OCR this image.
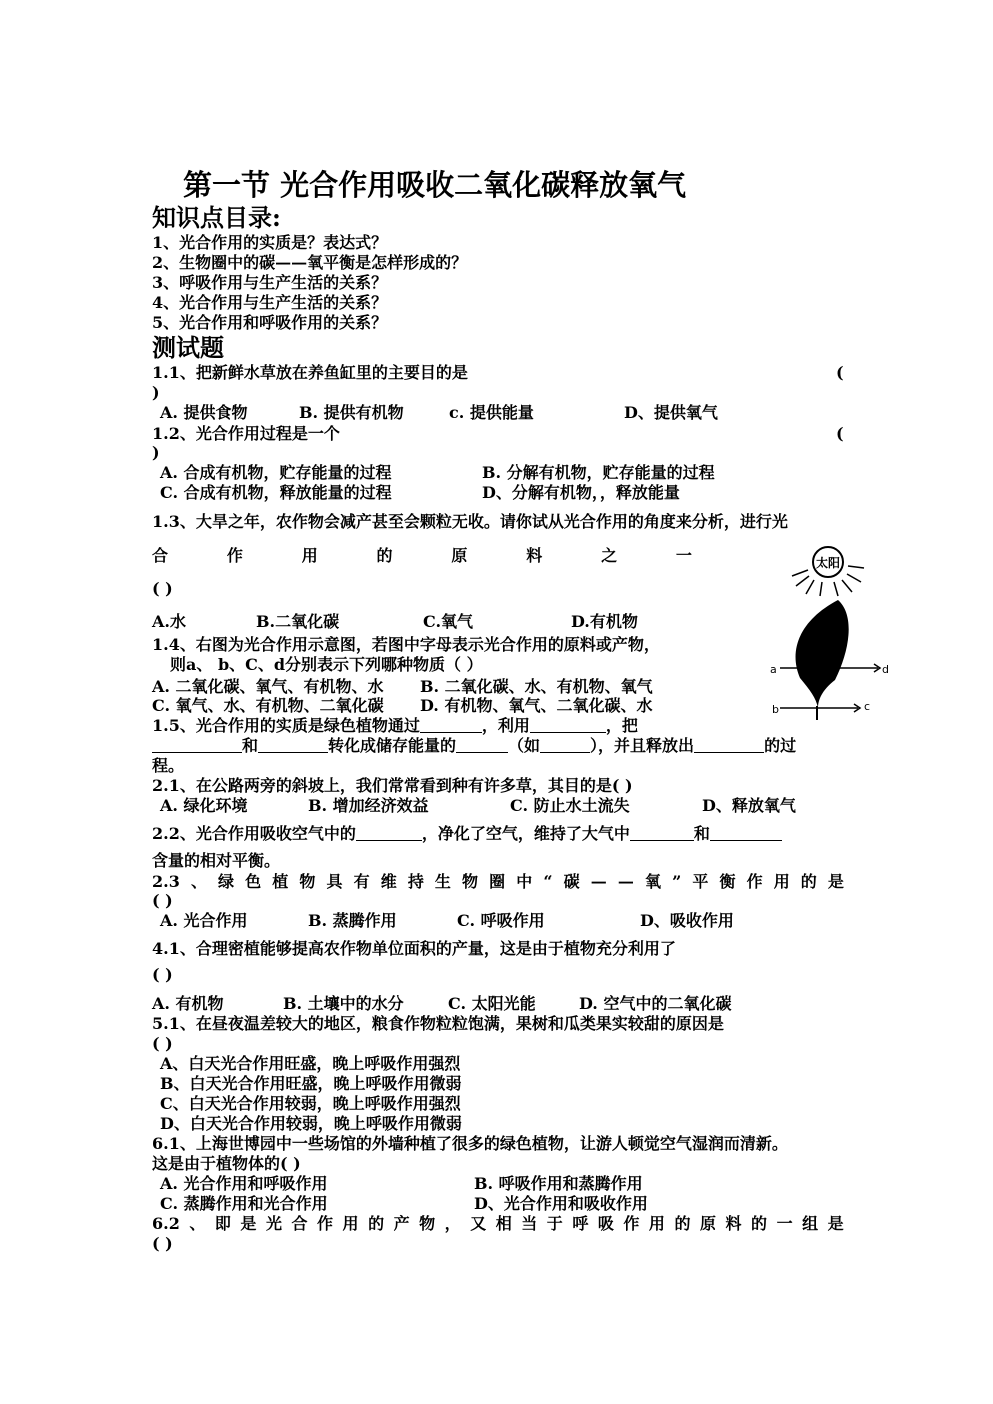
第一节 光合作用吸收二氧化碳释放氧气
知识点目录:
1、光合作用的实质是？表达式？
2、生物圈中的碳——氧平衡是怎样形成的？
3、呼吸作用与生产生活的关系？
4、光合作用与生产生活的关系？
5、光合作用和呼吸作用的关系？
测试题
1.1、把新鲜水草放在养鱼缸里的主要目的是	(
)
A. 提供食物	B. 提供有机物	c. 提供能量	D、提供氧气
1.2、光合作用过程是一个	(
)
A. 合成有机物，贮存能量的过程	B. 分解有机物，贮存能量的过程
C. 合成有机物，释放能量的过程	D、分解有机物，，释放能量
1.3、大旱之年，农作物会减产甚至会颗粒无收。请你试从光合作用的角度来分析，进行光
合	作	用	的	原	料	之	一
( )
A.水	B.二氧化碳	C.氧气	D.有机物
1.4、右图为光合作用示意图，若图中字母表示光合作用的原料或产物，
则a、 b、C、d分别表示下列哪种物质（ ）
A. 二氧化碳、氧气、有机物、水 B. 二氧化碳、水、有机物、氧气
C. 氧气、水、有机物、二氧化碳 D. 有机物、氧气、二氧化碳、水
1.5、光合作用的实质是绿色植物通过	，利用	，把
和	转化成储存能量的	（如	），并且释放出	的过
程。
2.1、在公路两旁的斜坡上，我们常常看到种有许多草，其目的是( )
A. 绿化环境	B. 增加经济效益	C. 防止水土流失	D、释放氧气
2.2、光合作用吸收空气中的	，净化了空气，维持了大气中	和
含量的相对平衡。
2.3 、 绿 色 植 物 具 有 维 持 生 物 圈 中 “ 碳 — — 氧 ” 平 衡 作 用 的 是
( )
A. 光合作用	B. 蒸腾作用	C. 呼吸作用	D、吸收作用
4.1、合理密植能够提高农作物单位面积的产量，这是由于植物充分利用了
( )
A. 有机物	B. 土壤中的水分	C. 太阳光能	D. 空气中的二氧化碳
5.1、在昼夜温差较大的地区，粮食作物粒粒饱满，果树和瓜类果实较甜的原因是
( )
A、白天光合作用旺盛，晚上呼吸作用强烈
B、白天光合作用旺盛，晚上呼吸作用微弱
C、白天光合作用较弱，晚上呼吸作用强烈
D、白天光合作用较弱，晚上呼吸作用微弱
6.1、上海世博园中一些场馆的外墙种植了很多的绿色植物，让游人顿觉空气湿润而清新。
这是由于植物体的( )
A. 光合作用和呼吸作用	B. 呼吸作用和蒸腾作用
C. 蒸腾作用和光合作用	D、光合作用和吸收作用
6.2 、 即 是 光 合 作 用 的 产 物 ， 又 相 当 于 呼 吸 作 用 的 原 料 的 一 组 是
( )
太阳
a	d
b	c
